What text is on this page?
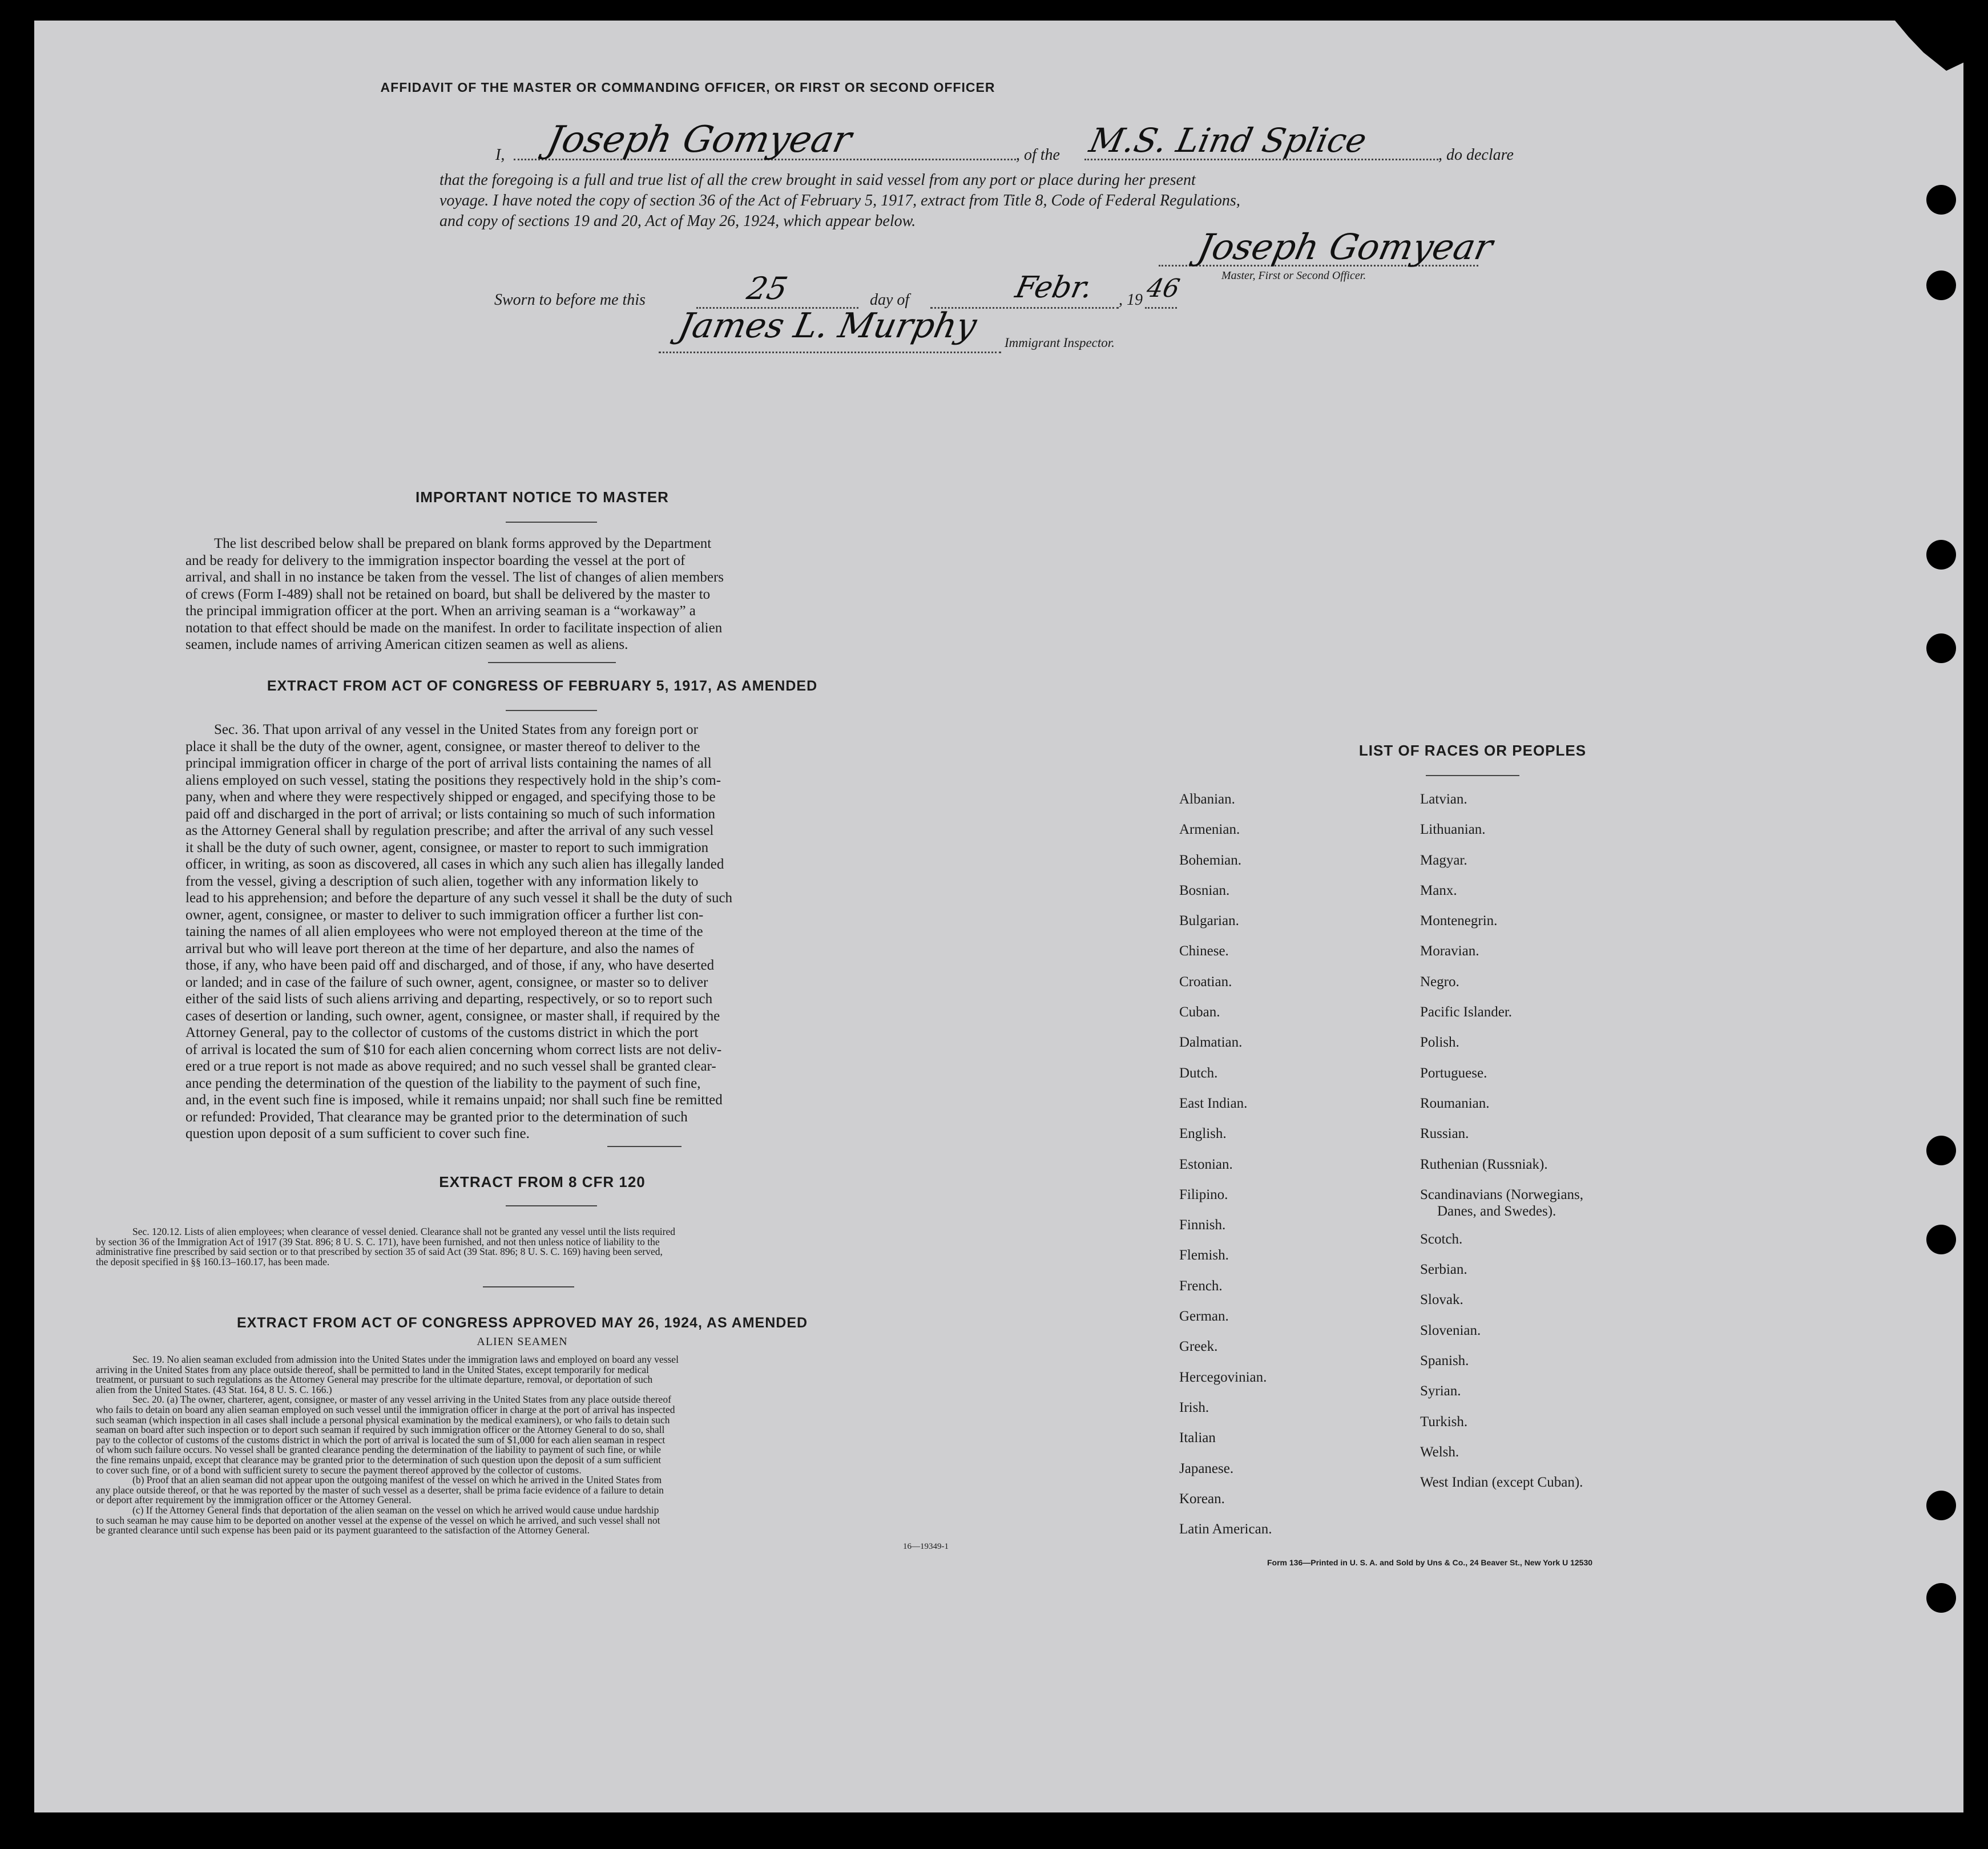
AFFIDAVIT OF THE MASTER OR COMMANDING OFFICER, OR FIRST OR SECOND OFFICER
I, Joseph Gomyear	, of the M.S. Lind Splice	, do declare
that the foregoing is a full and true list of all the crew brought in said vessel from any port or place during her present
voyage. I have noted the copy of section 36 of the Act of February 5, 1917, extract from Title 8, Code of Federal Regulations,
and copy of sections 19 and 20, Act of May 26, 1924, which appear below.
Joseph Gomyear
Master, First or Second Officer.
Sworn to before me this	25	day of	Febr. , 19 46
James L. Murphy Immigrant Inspector.
IMPORTANT NOTICE TO MASTER
The list described below shall be prepared on blank forms approved by the Department
and be ready for delivery to the immigration inspector boarding the vessel at the port of
arrival, and shall in no instance be taken from the vessel. The list of changes of alien members
of crews (Form I-489) shall not be retained on board, but shall be delivered by the master to
the principal immigration officer at the port. When an arriving seaman is a “workaway” a
notation to that effect should be made on the manifest. In order to facilitate inspection of alien
seamen, include names of arriving American citizen seamen as well as aliens.
EXTRACT FROM ACT OF CONGRESS OF FEBRUARY 5, 1917, AS AMENDED
Sec. 36. That upon arrival of any vessel in the United States from any foreign port or
place it shall be the duty of the owner, agent, consignee, or master thereof to deliver to the
principal immigration officer in charge of the port of arrival lists containing the names of all
aliens employed on such vessel, stating the positions they respectively hold in the ship’s com-
pany, when and where they were respectively shipped or engaged, and specifying those to be
paid off and discharged in the port of arrival; or lists containing so much of such information
as the Attorney General shall by regulation prescribe; and after the arrival of any such vessel
it shall be the duty of such owner, agent, consignee, or master to report to such immigration
officer, in writing, as soon as discovered, all cases in which any such alien has illegally landed
from the vessel, giving a description of such alien, together with any information likely to
lead to his apprehension; and before the departure of any such vessel it shall be the duty of such
owner, agent, consignee, or master to deliver to such immigration officer a further list con-
taining the names of all alien employees who were not employed thereon at the time of the
arrival but who will leave port thereon at the time of her departure, and also the names of
those, if any, who have been paid off and discharged, and of those, if any, who have deserted
or landed; and in case of the failure of such owner, agent, consignee, or master so to deliver
either of the said lists of such aliens arriving and departing, respectively, or so to report such
cases of desertion or landing, such owner, agent, consignee, or master shall, if required by the
Attorney General, pay to the collector of customs of the customs district in which the port
of arrival is located the sum of $10 for each alien concerning whom correct lists are not deliv-
ered or a true report is not made as above required; and no such vessel shall be granted clear-
ance pending the determination of the question of the liability to the payment of such fine,
and, in the event such fine is imposed, while it remains unpaid; nor shall such fine be remitted
or refunded: Provided, That clearance may be granted prior to the determination of such
question upon deposit of a sum sufficient to cover such fine.
EXTRACT FROM 8 CFR 120
Sec. 120.12. Lists of alien employees; when clearance of vessel denied. Clearance shall not be granted any vessel until the lists required
by section 36 of the Immigration Act of 1917 (39 Stat. 896; 8 U. S. C. 171), have been furnished, and not then unless notice of liability to the
administrative fine prescribed by said section or to that prescribed by section 35 of said Act (39 Stat. 896; 8 U. S. C. 169) having been served,
the deposit specified in §§ 160.13–160.17, has been made.
EXTRACT FROM ACT OF CONGRESS APPROVED MAY 26, 1924, AS AMENDED
ALIEN SEAMEN
Sec. 19. No alien seaman excluded from admission into the United States under the immigration laws and employed on board any vessel
arriving in the United States from any place outside thereof, shall be permitted to land in the United States, except temporarily for medical
treatment, or pursuant to such regulations as the Attorney General may prescribe for the ultimate departure, removal, or deportation of such
alien from the United States. (43 Stat. 164, 8 U. S. C. 166.)
Sec. 20. (a) The owner, charterer, agent, consignee, or master of any vessel arriving in the United States from any place outside thereof
who fails to detain on board any alien seaman employed on such vessel until the immigration officer in charge at the port of arrival has inspected
such seaman (which inspection in all cases shall include a personal physical examination by the medical examiners), or who fails to detain such
seaman on board after such inspection or to deport such seaman if required by such immigration officer or the Attorney General to do so, shall
pay to the collector of customs of the customs district in which the port of arrival is located the sum of $1,000 for each alien seaman in respect
of whom such failure occurs. No vessel shall be granted clearance pending the determination of the liability to payment of such fine, or while
the fine remains unpaid, except that clearance may be granted prior to the determination of such question upon the deposit of a sum sufficient
to cover such fine, or of a bond with sufficient surety to secure the payment thereof approved by the collector of customs.
(b) Proof that an alien seaman did not appear upon the outgoing manifest of the vessel on which he arrived in the United States from
any place outside thereof, or that he was reported by the master of such vessel as a deserter, shall be prima facie evidence of a failure to detain
or deport after requirement by the immigration officer or the Attorney General.
(c) If the Attorney General finds that deportation of the alien seaman on the vessel on which he arrived would cause undue hardship
to such seaman he may cause him to be deported on another vessel at the expense of the vessel on which he arrived, and such vessel shall not
be granted clearance until such expense has been paid or its payment guaranteed to the satisfaction of the Attorney General.
16—19349-1
LIST OF RACES OR PEOPLES
Albanian.
Armenian.
Bohemian.
Bosnian.
Bulgarian.
Chinese.
Croatian.
Cuban.
Dalmatian.
Dutch.
East Indian.
English.
Estonian.
Filipino.
Finnish.
Flemish.
French.
German.
Greek.
Hercegovinian.
Irish.
Italian
Japanese.
Korean.
Latin American.
Latvian.
Lithuanian.
Magyar.
Manx.
Montenegrin.
Moravian.
Negro.
Pacific Islander.
Polish.
Portuguese.
Roumanian.
Russian.
Ruthenian (Russniak).
Scandinavians (Norwegians,
Danes, and Swedes).
Scotch.
Serbian.
Slovak.
Slovenian.
Spanish.
Syrian.
Turkish.
Welsh.
West Indian (except Cuban).
Form 136—Printed in U. S. A. and Sold by Uns & Co., 24 Beaver St., New York U 12530
